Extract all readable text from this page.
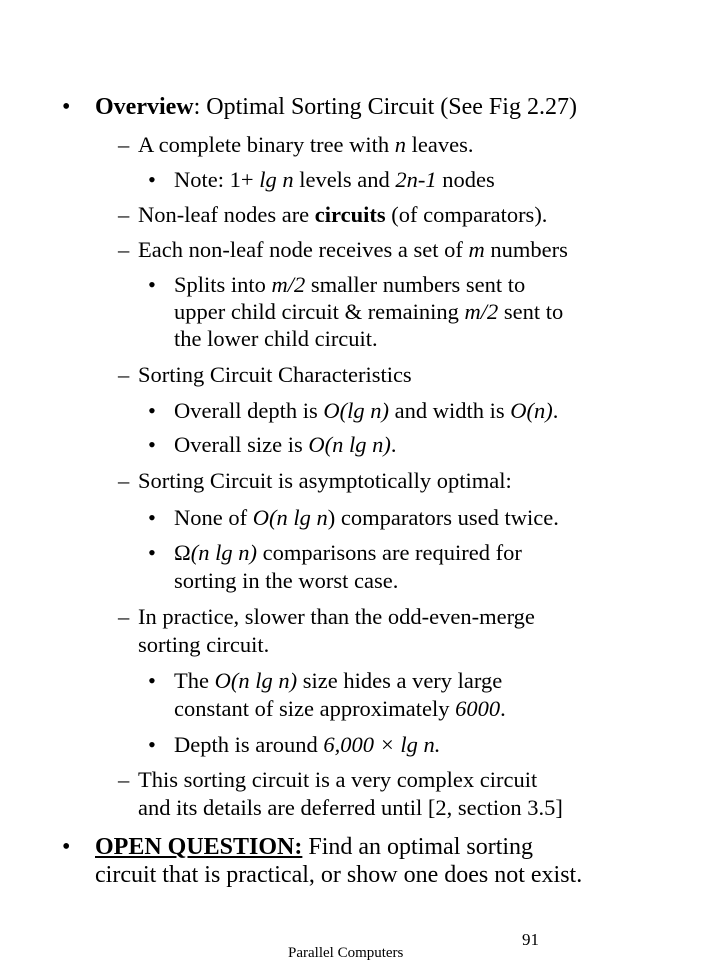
• Overview: Optimal Sorting Circuit (See Fig 2.27)
– A complete binary tree with n leaves.
• Note: 1+ lg n levels and 2n-1 nodes
– Non-leaf nodes are circuits (of comparators).
– Each non-leaf node receives a set of m numbers
• Splits into m/2 smaller numbers sent to
upper child circuit & remaining m/2 sent to
the lower child circuit.
– Sorting Circuit Characteristics
• Overall depth is O(lg n) and width is O(n).
• Overall size is O(n lg n).
– Sorting Circuit is asymptotically optimal:
• None of O(n lg n) comparators used twice.
• Ω(n lg n) comparisons are required for
sorting in the worst case.
– In practice, slower than the odd-even-merge
sorting circuit.
• The O(n lg n) size hides a very large
constant of size approximately 6000.
• Depth is around 6,000 × lg n.
– This sorting circuit is a very complex circuit
and its details are deferred until [2, section 3.5]
• OPEN QUESTION: Find an optimal sorting
circuit that is practical, or show one does not exist.
91
Parallel Computers
